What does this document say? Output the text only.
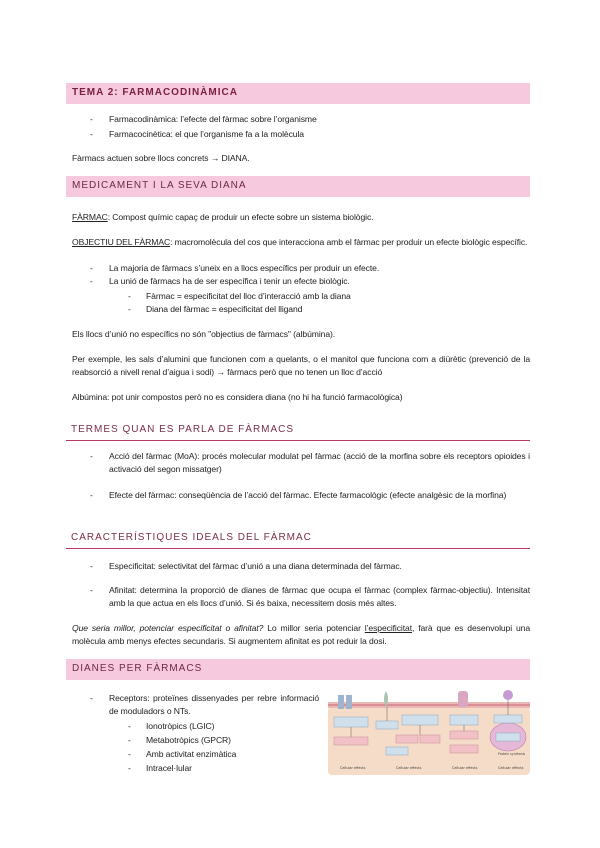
TEMA 2: FARMACODINÀMICA
- Farmacodinàmica: l’efecte del fàrmac sobre l’organisme
- Farmacocinètica: el que l’organisme fa a la molècula
Fàrmacs actuen sobre llocs concrets → DIANA.
MEDICAMENT I LA SEVA DIANA
FÀRMAC: Compost químic capaç de produir un efecte sobre un sistema biològic.
OBJECTIU DEL FÀRMAC: macromolècula del cos que interacciona amb el fàrmac per produir un efecte biològic específic.
- La majoria de fàrmacs s’uneix en a llocs específics per produir un efecte.
- La unió de fàrmacs ha de ser específica i tenir un efecte biològic.
- Fàrmac = especificitat del lloc d’interacció amb la diana
- Diana del fàrmac = especificitat del lligand
Els llocs d’unió no específics no són "objectius de fàrmacs" (albúmina).
Per exemple, les sals d’alumini que funcionen com a quelants, o el manitol que funciona com a diürètic (prevenció de la reabsorció a nivell renal d’aigua i sodi) → fàrmacs però que no tenen un lloc d’acció
Albúmina: pot unir compostos però no es considera diana (no hi ha funció farmacològica)
TERMES QUAN ES PARLA DE FÀRMACS
- Acció del fàrmac (MoA): procés molecular modulat pel fàrmac (acció de la morfina sobre els receptors opioides i activació del segon missatger)
- Efecte del fàrmac: conseqüència de l’acció del fàrmac. Efecte farmacològic (efecte analgèsic de la morfina)
CARACTERÍSTIQUES IDEALS DEL FÀRMAC
- Especificitat: selectivitat del fàrmac d’unió a una diana determinada del fàrmac.
- Afinitat: determina la proporció de dianes de fàrmac que ocupa el fàrmac (complex fàrmac-objectiu). Intensitat amb la que actua en els llocs d’unió. Si és baixa, necessitem dosis més altes.
Que seria millor, potenciar especificitat o afinitat? Lo millor seria potenciar l’especificitat, farà que es desenvolupi una molècula amb menys efectes secundaris. Si augmentem afinitat es pot reduir la dosi.
DIANES PER FÀRMACS
- Receptors: proteïnes dissenyades per rebre informació de moduladors o NTs.
- Ionotròpics (LGIC)
- Metabotròpics (GPCR)
- Amb activitat enzimàtica
- Intracel·lular	Cellular effects	Cellular effects	Cellular effects	Cellular effects
Protein synthesis
